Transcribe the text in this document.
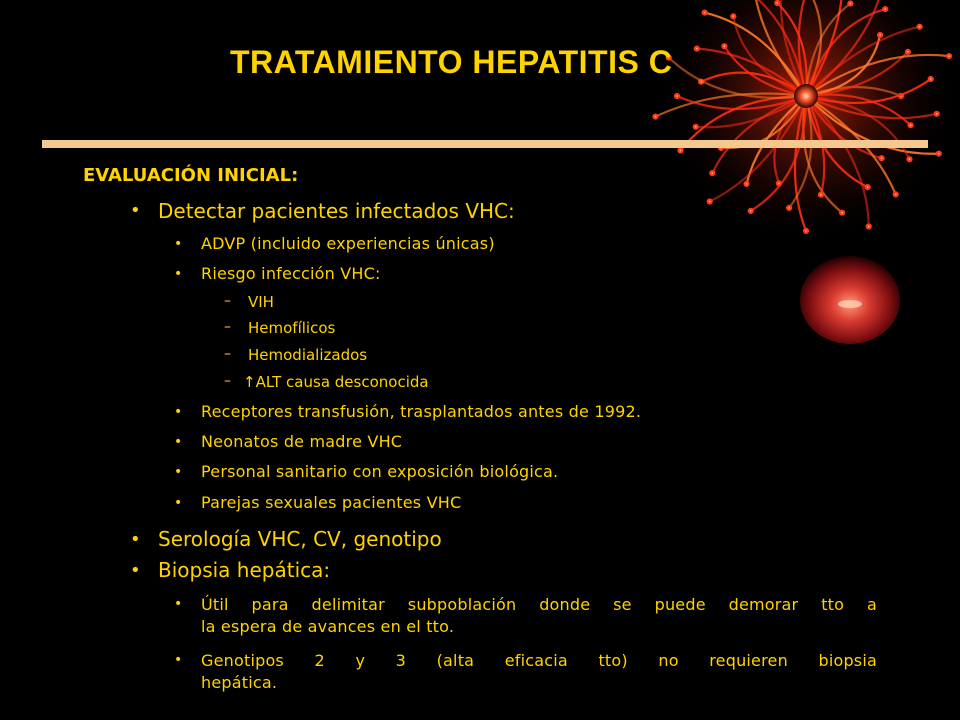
TRATAMIENTO HEPATITIS C
EVALUACIÓN INICIAL:
• Detectar pacientes infectados VHC:
• ADVP (incluido experiencias únicas)
• Riesgo infección VHC:
– VIH
– Hemofílicos
– Hemodializados
– ↑ALT causa desconocida
• Receptores transfusión, trasplantados antes de 1992.
• Neonatos de madre VHC
• Personal sanitario con exposición biológica.
• Parejas sexuales pacientes VHC
• Serología VHC, CV, genotipo
• Biopsia hepática:
• Útil para delimitar subpoblación donde se puede demorar tto a
la espera de avances en el tto.
• Genotipos 2 y 3 (alta eficacia tto) no requieren biopsia
hepática.
